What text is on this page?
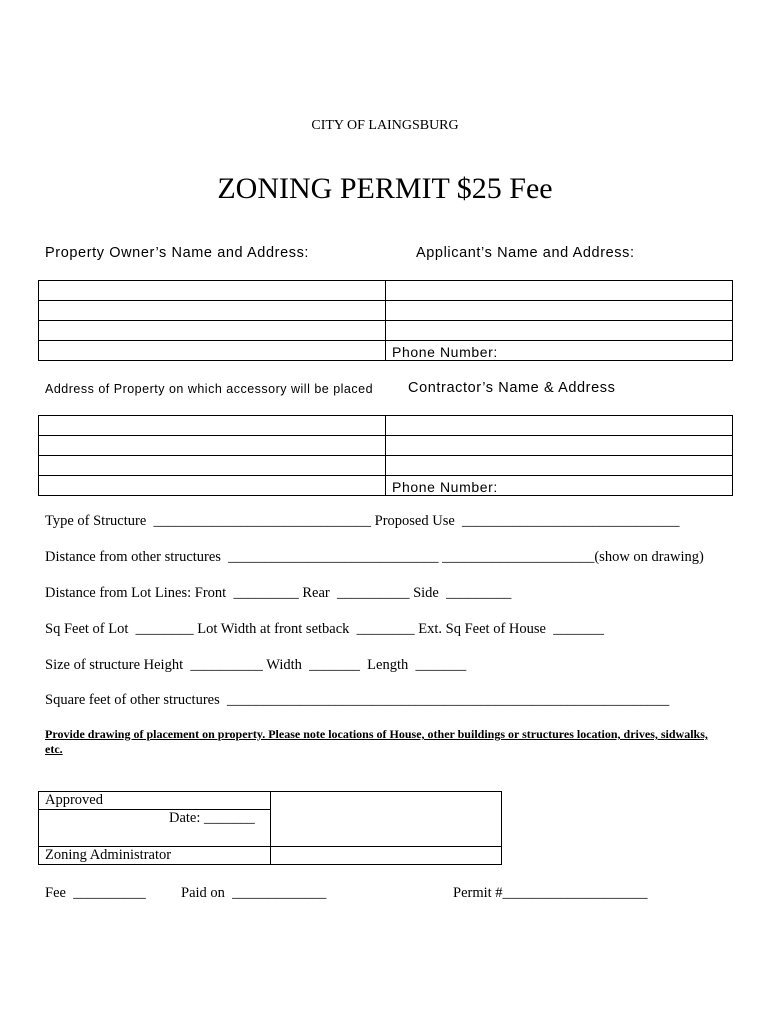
CITY OF LAINGSBURG
ZONING PERMIT $25 Fee
Property Owner’s Name and Address:	Applicant’s Name and Address:

	Phone Number:
Address of Property on which accessory will be placed Contractor’s Name & Address

	Phone Number:
Type of Structure  ______________________________ Proposed Use  ______________________________
Distance from other structures  _____________________________ _____________________(show on drawing)
Distance from Lot Lines: Front  _________ Rear  __________ Side  _________
Sq Feet of Lot  ________ Lot Width at front setback  ________ Ext. Sq Feet of House  _______
Size of structure Height  __________ Width  _______  Length  _______
Square feet of other structures  _____________________________________________________________
Provide drawing of placement on property. Please note locations of House, other buildings or structures location, drives, sidwalks, etc.
Approved	
Date: _______	
Zoning Administrator	
Fee  __________ Paid on  _____________	Permit #____________________
